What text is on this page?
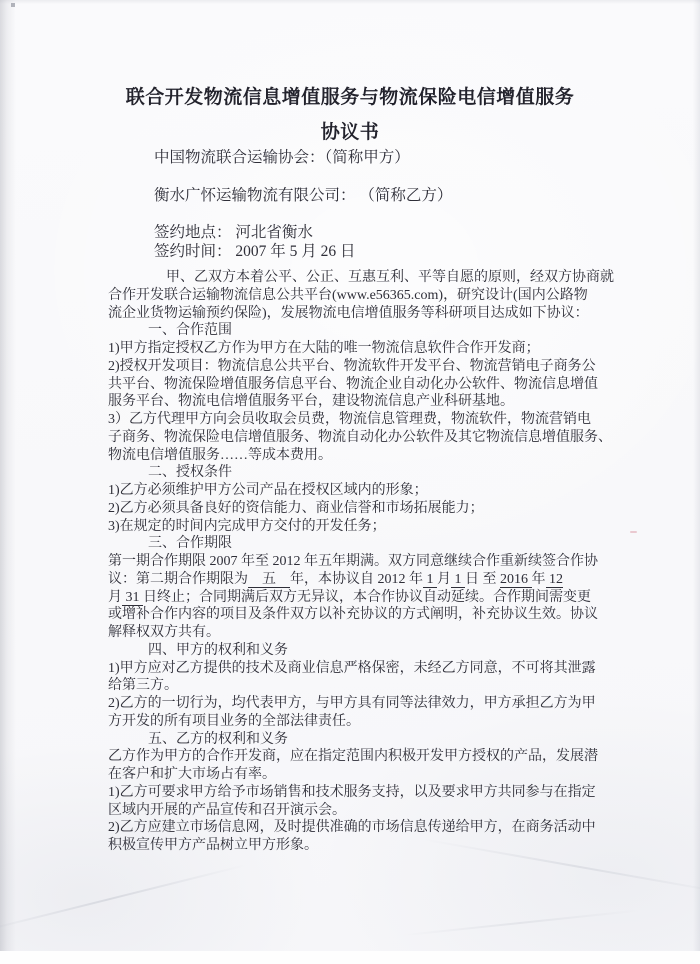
联合开发物流信息增值服务与物流保险电信增值服务
协议书
中国物流联合运输协会：（简称甲方）
衡水广怀运输物流有限公司： （简称乙方）
签约地点： 河北省衡水
签约时间： 2007 年 5 月 26 日
甲、乙双方本着公平、公正、互惠互利、平等自愿的原则，经双方协商就
合作开发联合运输物流信息公共平台(www.e56365.com)，研究设计(国内公路物
流企业货物运输预约保险)，发展物流电信增值服务等科研项目达成如下协议：
一、合作范围
1)甲方指定授权乙方作为甲方在大陆的唯一物流信息软件合作开发商；
2)授权开发项目：物流信息公共平台、物流软件开发平台、物流营销电子商务公
共平台、物流保险增值服务信息平台、物流企业自动化办公软件、物流信息增值
服务平台、物流电信增值服务平台，建设物流信息产业科研基地。
3）乙方代理甲方向会员收取会员费，物流信息管理费，物流软件，物流营销电
子商务、物流保险电信增值服务、物流自动化办公软件及其它物流信息增值服务、
物流电信增值服务……等成本费用。
二、授权条件
1)乙方必须维护甲方公司产品在授权区域内的形象；
2)乙方必须具备良好的资信能力、商业信誉和市场拓展能力；
3)在规定的时间内完成甲方交付的开发任务；
三、合作期限
第一期合作期限 2007 年至 2012 年五年期满。双方同意继续合作重新续签合作协
议：第二期合作期限为　五　年，本协议自 2012 年 1 月 1 日 至 2016 年 12
月 31 日终止；合同期满后双方无异议，本合作协议自动延续。合作期间需变更
或增补合作内容的项目及条件双方以补充协议的方式阐明，补充协议生效。协议
解释权双方共有。
四、甲方的权利和义务
1)甲方应对乙方提供的技术及商业信息严格保密，未经乙方同意，不可将其泄露
给第三方。
2)乙方的一切行为，均代表甲方，与甲方具有同等法律效力，甲方承担乙方为甲
方开发的所有项目业务的全部法律责任。
五、乙方的权利和义务
乙方作为甲方的合作开发商，应在指定范围内积极开发甲方授权的产品，发展潜
在客户和扩大市场占有率。
1)乙方可要求甲方给予市场销售和技术服务支持，以及要求甲方共同参与在指定
区域内开展的产品宣传和召开演示会。
2)乙方应建立市场信息网，及时提供准确的市场信息传递给甲方，在商务活动中
积极宣传甲方产品树立甲方形象。
